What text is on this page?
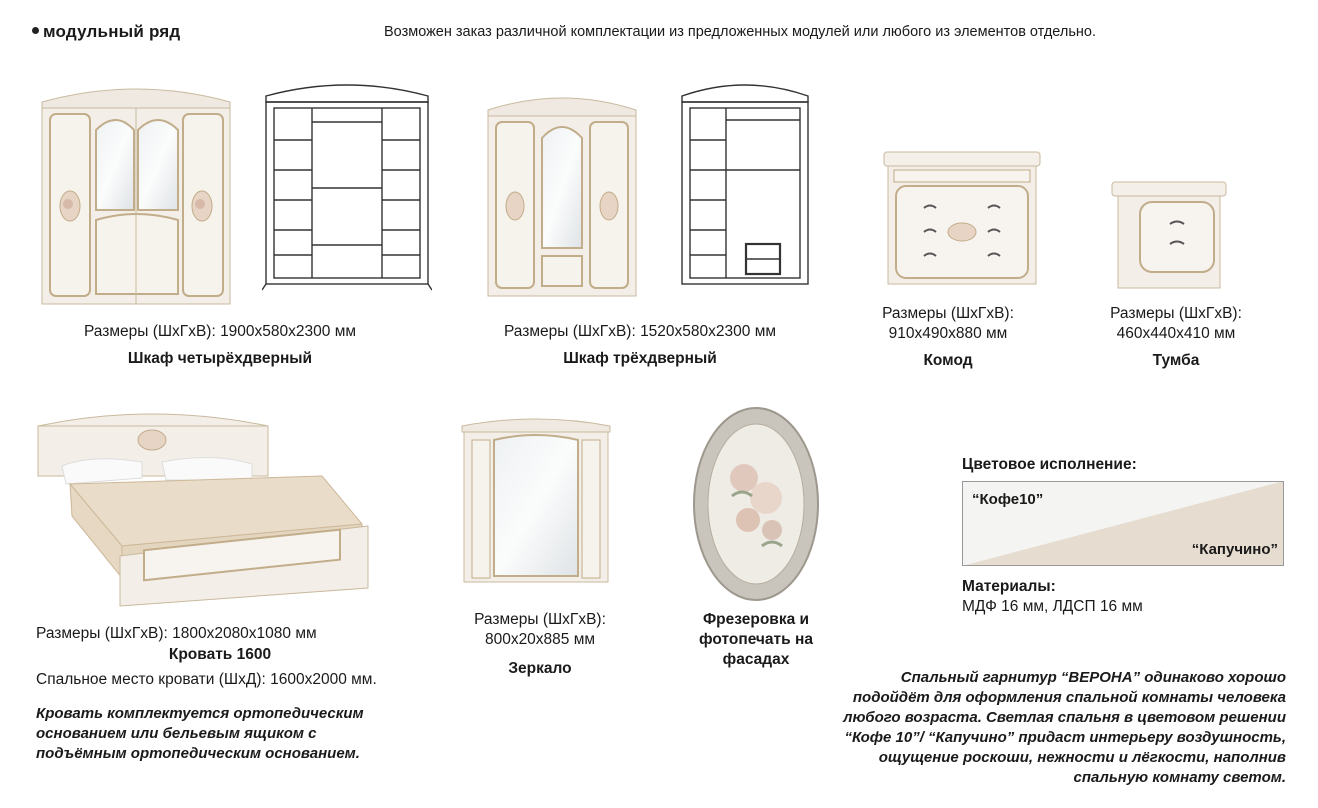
модульный ряд	Возможен заказ различной комплектации из предложенных модулей или любого из элементов отдельно.
Размеры (ШхГхВ): 1900х580х2300 мм
Шкаф четырёхдверный
Размеры (ШхГхВ): 1520х580х2300 мм
Шкаф трёхдверный
Размеры (ШхГхВ):
910х490х880 мм
Комод
Размеры (ШхГхВ):
460х440х410 мм
Тумба
Размеры (ШхГхВ): 1800х2080х1080 мм
Кровать 1600
Спальное место кровати (ШхД): 1600х2000 мм.
Кровать комплектуется ортопедическим
основанием или бельевым ящиком с
подъёмным ортопедическим основанием.
Размеры (ШхГхВ):
800х20х885 мм
Зеркало
Фрезеровка и
фотопечать на
фасадах
Цветовое исполнение:
“Кофе10”
“Капучино”
Материалы:
МДФ 16 мм, ЛДСП 16 мм
Спальный гарнитур “ВЕРОНА” одинаково хорошо
подойдёт для оформления спальной комнаты человека
любого возраста. Светлая спальня в цветовом решении
“Кофе 10”/ “Капучино” придаст интерьеру воздушность,
ощущение роскоши, нежности и лёгкости, наполнив
спальную комнату светом.
